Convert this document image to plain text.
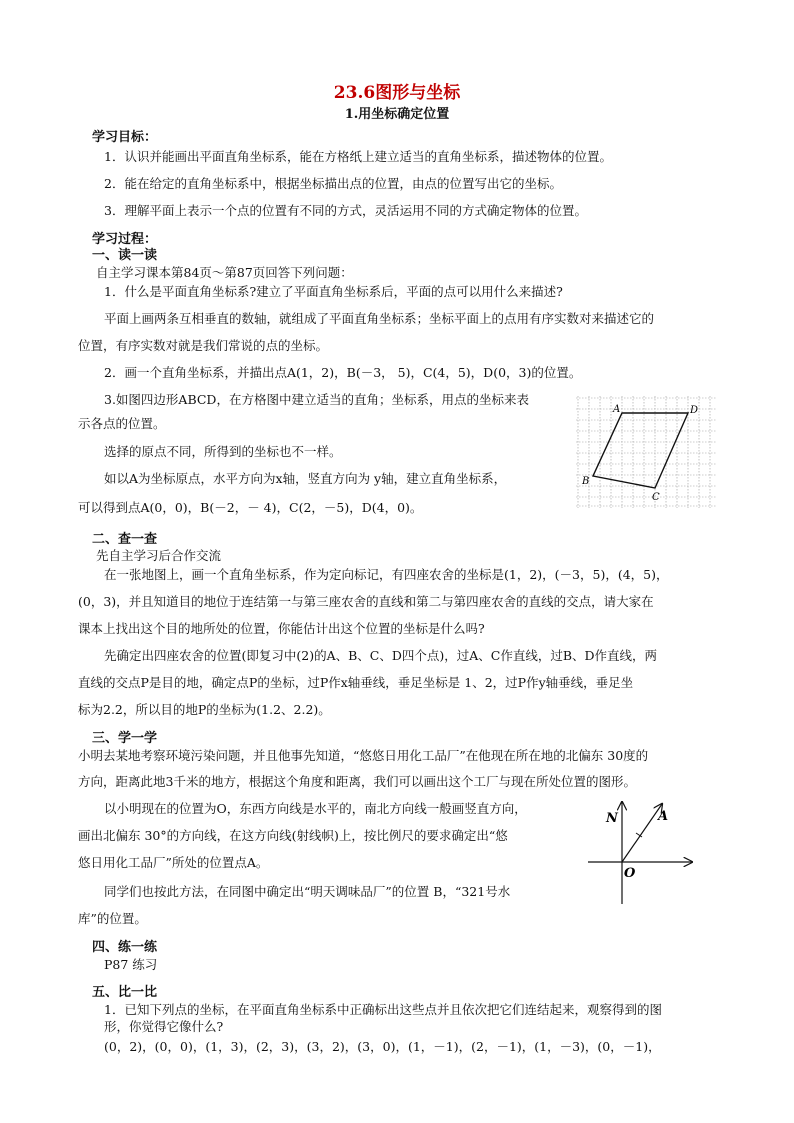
23.6图形与坐标
1.用坐标确定位置
学习目标：
1．认识并能画出平面直角坐标系，能在方格纸上建立适当的直角坐标系，描述物体的位置。
2．能在给定的直角坐标系中，根据坐标描出点的位置，由点的位置写出它的坐标。
3．理解平面上表示一个点的位置有不同的方式，灵活运用不同的方式确定物体的位置。
学习过程：
一、读一读
自主学习课本第84页～第87页回答下列问题：
1．什么是平面直角坐标系?建立了平面直角坐标系后，平面的点可以用什么来描述?
平面上画两条互相垂直的数轴，就组成了平面直角坐标系；坐标平面上的点用有序实数对来描述它的
位置，有序实数对就是我们常说的点的坐标。
2．画一个直角坐标系，并描出点A(1，2)，B(－3， 5)，C(4，5)，D(0，3)的位置。
3.如图四边形ABCD，在方格图中建立适当的直角；坐标系，用点的坐标来表
示各点的位置。
选择的原点不同，所得到的坐标也不一样。
如以A为坐标原点，水平方向为x轴，竖直方向为 y轴，建立直角坐标系，
可以得到点A(0，0)，B(－2，－ 4)，C(2，－5)，D(4，0)。
A	D
B
C
二、查一查
先自主学习后合作交流
在一张地图上，画一个直角坐标系，作为定向标记，有四座农舍的坐标是(1，2)，(－3，5)，(4，5)，
(0，3)，并且知道目的地位于连结第一与第三座农舍的直线和第二与第四座农舍的直线的交点，请大家在
课本上找出这个目的地所处的位置，你能估计出这个位置的坐标是什么吗?
先确定出四座农舍的位置(即复习中(2)的A、B、C、D四个点)，过A、C作直线，过B、D作直线，两
直线的交点P是目的地，确定点P的坐标，过P作x轴垂线，垂足坐标是 1、2，过P作y轴垂线，垂足坐
标为2.2，所以目的地P的坐标为(1.2、2.2)。
三、学一学
小明去某地考察环境污染问题，并且他事先知道，“悠悠日用化工品厂”在他现在所在地的北偏东 30度的
方向，距离此地3千米的地方，根据这个角度和距离，我们可以画出这个工厂与现在所处位置的图形。
以小明现在的位置为O，东西方向线是水平的，南北方向线一般画竖直方向，
画出北偏东 30°的方向线，在这方向线(射线帜)上，按比例尺的要求确定出“悠
悠日用化工品厂”所处的位置点A。
同学们也按此方法，在同图中确定出“明天调味品厂”的位置 B，“321号水
库”的位置。
N	A
O
四、练一练
P87 练习
五、比一比
1．已知下列点的坐标，在平面直角坐标系中正确标出这些点并且依次把它们连结起来，观察得到的图
形，你觉得它像什么?
(0，2)，(0，0)，(1，3)，(2，3)，(3，2)，(3，0)，(1，－1)，(2，－1)，(1，－3)，(0，－1)，
